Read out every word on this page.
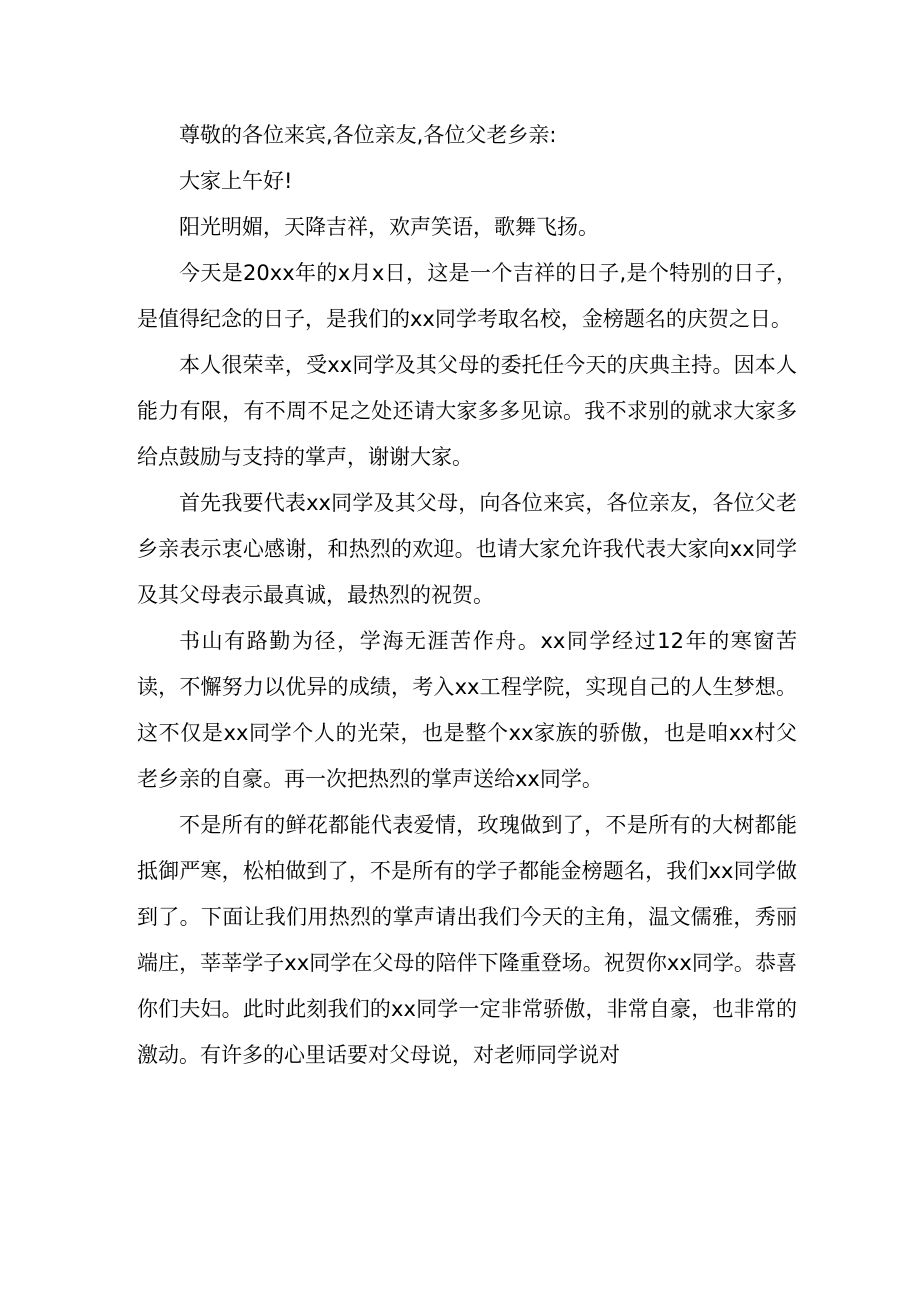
尊敬的各位来宾,各位亲友,各位父老乡亲:

大家上午好!

阳光明媚，天降吉祥，欢声笑语，歌舞飞扬。

今天是20xx年的x月x日，这是一个吉祥的日子,是个特别的日子，是值得纪念的日子，是我们的xx同学考取名校，金榜题名的庆贺之日。

本人很荣幸，受xx同学及其父母的委托任今天的庆典主持。因本人能力有限，有不周不足之处还请大家多多见谅。我不求别的就求大家多给点鼓励与支持的掌声，谢谢大家。

首先我要代表xx同学及其父母，向各位来宾，各位亲友，各位父老乡亲表示衷心感谢，和热烈的欢迎。也请大家允许我代表大家向xx同学及其父母表示最真诚，最热烈的祝贺。

书山有路勤为径，学海无涯苦作舟。xx同学经过12年的寒窗苦读，不懈努力以优异的成绩，考入xx工程学院，实现自己的人生梦想。这不仅是xx同学个人的光荣，也是整个xx家族的骄傲，也是咱xx村父老乡亲的自豪。再一次把热烈的掌声送给xx同学。

不是所有的鲜花都能代表爱情，玫瑰做到了，不是所有的大树都能抵御严寒，松柏做到了，不是所有的学子都能金榜题名，我们xx同学做到了。下面让我们用热烈的掌声请出我们今天的主角，温文儒雅，秀丽端庄，莘莘学子xx同学在父母的陪伴下隆重登场。祝贺你xx同学。恭喜你们夫妇。此时此刻我们的xx同学一定非常骄傲，非常自豪，也非常的激动。有许多的心里话要对父母说，对老师同学说对
